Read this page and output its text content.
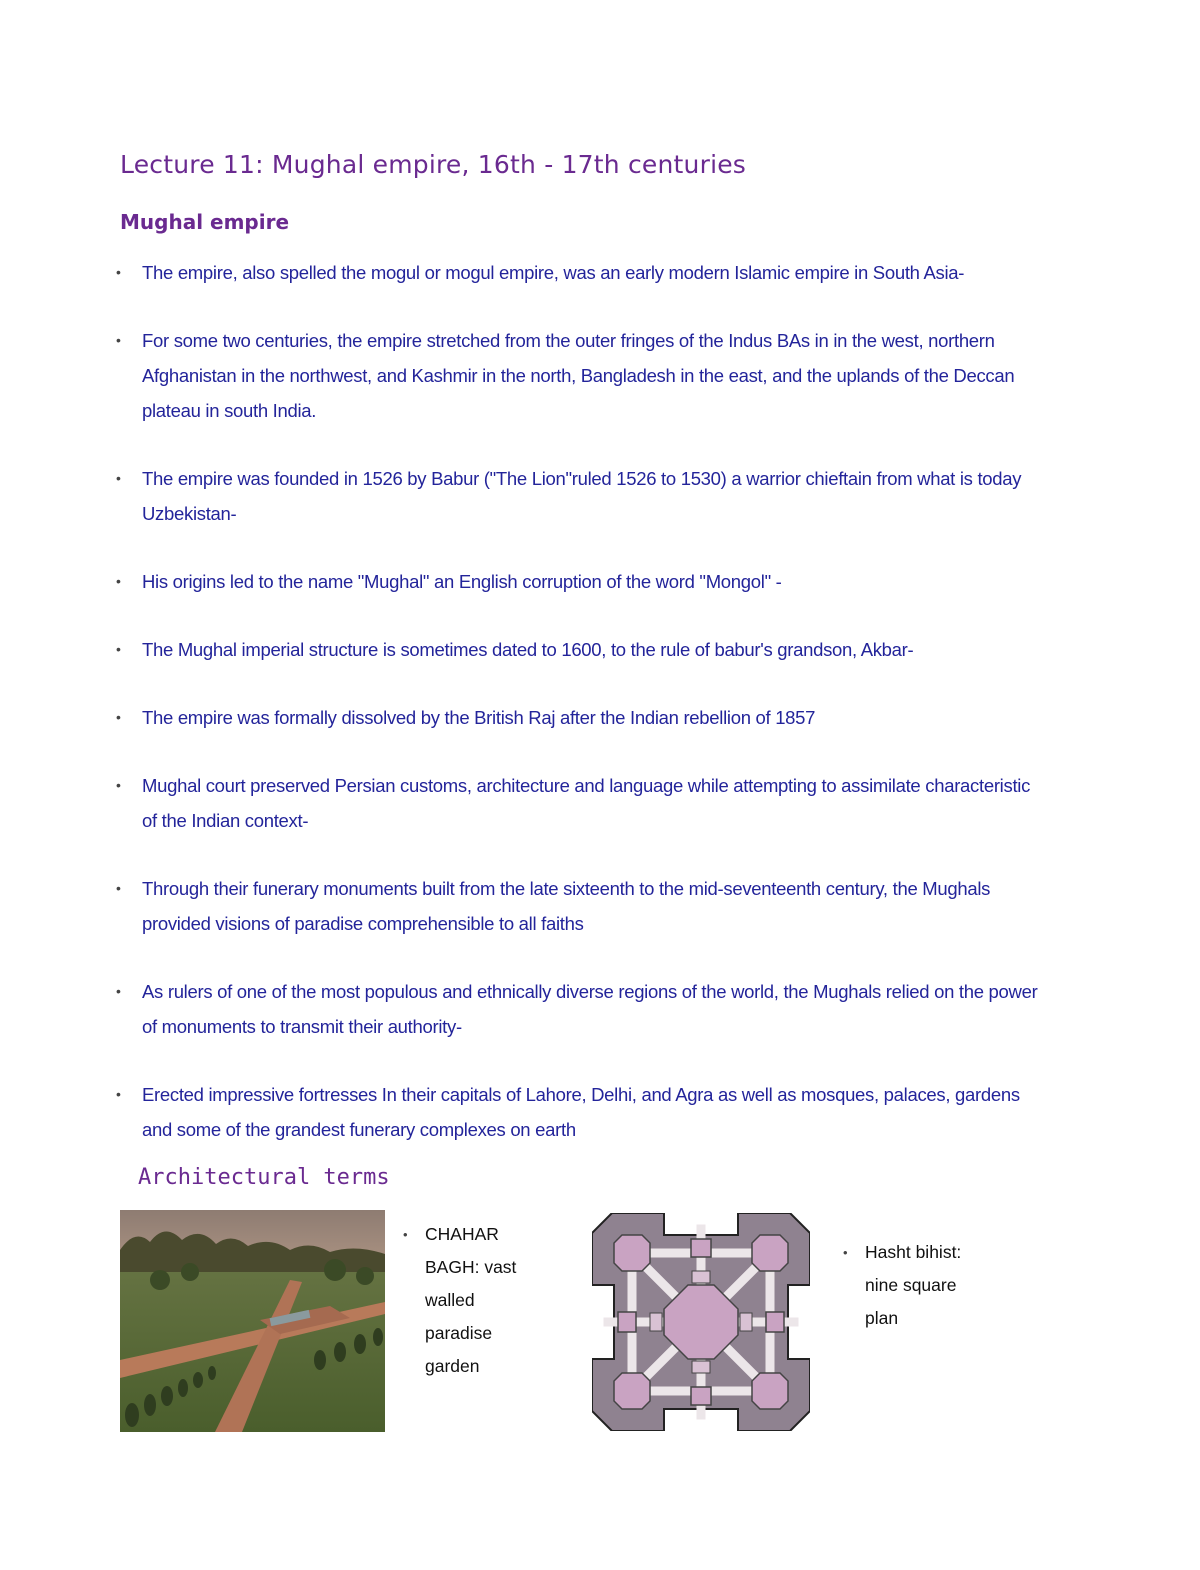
Lecture 11: Mughal empire, 16th - 17th centuries
Mughal empire
• The empire, also spelled the mogul or mogul empire, was an early modern Islamic empire in South Asia-
• For some two centuries, the empire stretched from the outer fringes of the Indus BAs in in the west, northern Afghanistan in the northwest, and Kashmir in the north, Bangladesh in the east, and the uplands of the Deccan plateau in south India.
• The empire was founded in 1526 by Babur ("The Lion"ruled 1526 to 1530) a warrior chieftain from what is today Uzbekistan-
• His origins led to the name "Mughal" an English corruption of the word "Mongol" -
• The Mughal imperial structure is sometimes dated to 1600, to the rule of babur's grandson, Akbar-
• The empire was formally dissolved by the British Raj after the Indian rebellion of 1857
• Mughal court preserved Persian customs, architecture and language while attempting to assimilate characteristic of the Indian context-
• Through their funerary monuments built from the late sixteenth to the mid-seventeenth century, the Mughals provided visions of paradise comprehensible to all faiths
• As rulers of one of the most populous and ethnically diverse regions of the world, the Mughals relied on the power of monuments to transmit their authority-
• Erected impressive fortresses In their capitals of Lahore, Delhi, and Agra as well as mosques, palaces, gardens and some of the grandest funerary complexes on earth
Architectural terms
• CHAHAR BAGH: vast walled paradise garden
• Hasht bihist: nine square plan
